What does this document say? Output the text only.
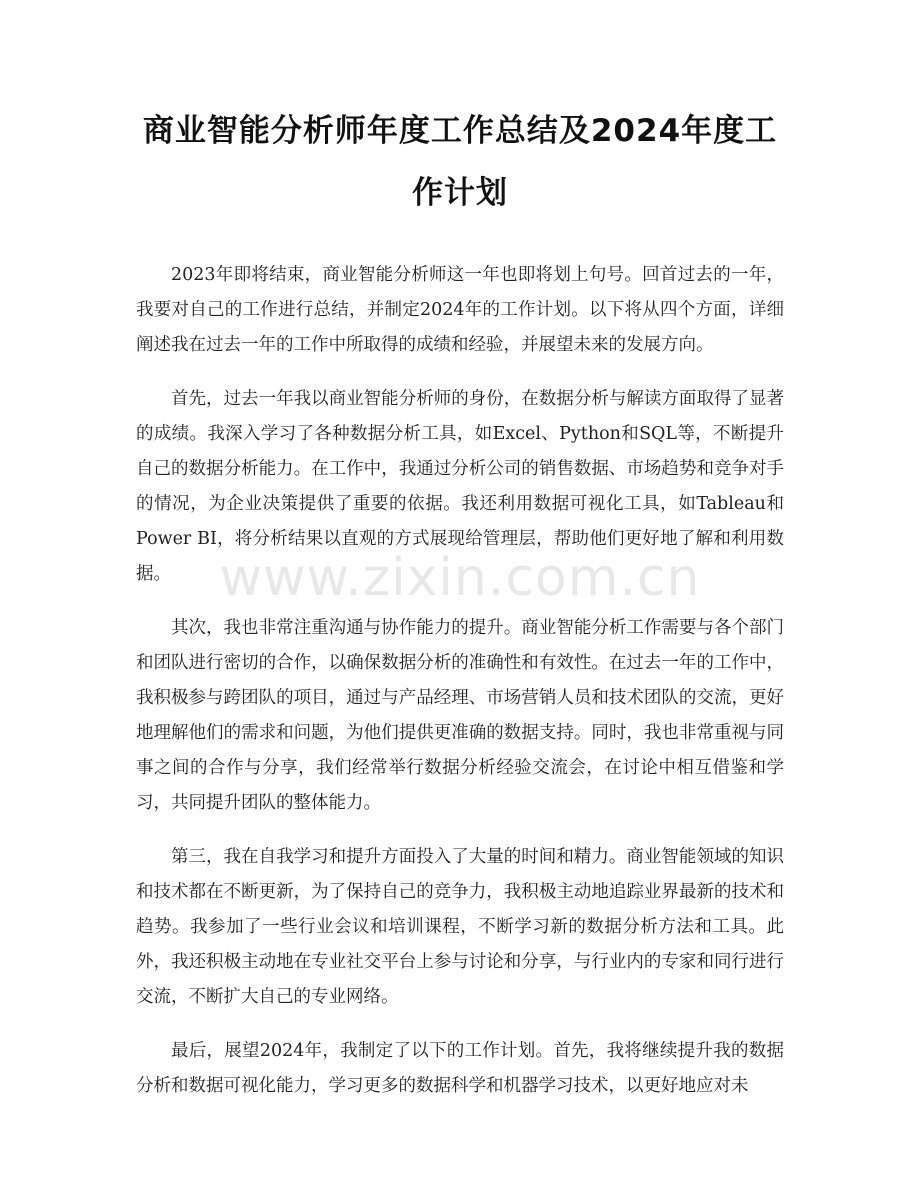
商业智能分析师年度工作总结及2024年度工作计划

2023年即将结束，商业智能分析师这一年也即将划上句号。回首过去的一年，我要对自己的工作进行总结，并制定2024年的工作计划。以下将从四个方面，详细阐述我在过去一年的工作中所取得的成绩和经验，并展望未来的发展方向。

首先，过去一年我以商业智能分析师的身份，在数据分析与解读方面取得了显著的成绩。我深入学习了各种数据分析工具，如Excel、Python和SQL等，不断提升自己的数据分析能力。在工作中，我通过分析公司的销售数据、市场趋势和竞争对手的情况，为企业决策提供了重要的依据。我还利用数据可视化工具，如Tableau和Power BI，将分析结果以直观的方式展现给管理层，帮助他们更好地了解和利用数据。

其次，我也非常注重沟通与协作能力的提升。商业智能分析工作需要与各个部门和团队进行密切的合作，以确保数据分析的准确性和有效性。在过去一年的工作中，我积极参与跨团队的项目，通过与产品经理、市场营销人员和技术团队的交流，更好地理解他们的需求和问题，为他们提供更准确的数据支持。同时，我也非常重视与同事之间的合作与分享，我们经常举行数据分析经验交流会，在讨论中相互借鉴和学习，共同提升团队的整体能力。

第三，我在自我学习和提升方面投入了大量的时间和精力。商业智能领域的知识和技术都在不断更新，为了保持自己的竞争力，我积极主动地追踪业界最新的技术和趋势。我参加了一些行业会议和培训课程，不断学习新的数据分析方法和工具。此外，我还积极主动地在专业社交平台上参与讨论和分享，与行业内的专家和同行进行交流，不断扩大自己的专业网络。

最后，展望2024年，我制定了以下的工作计划。首先，我将继续提升我的数据分析和数据可视化能力，学习更多的数据科学和机器学习技术，以更好地应对未

www.zixin.com.cn
